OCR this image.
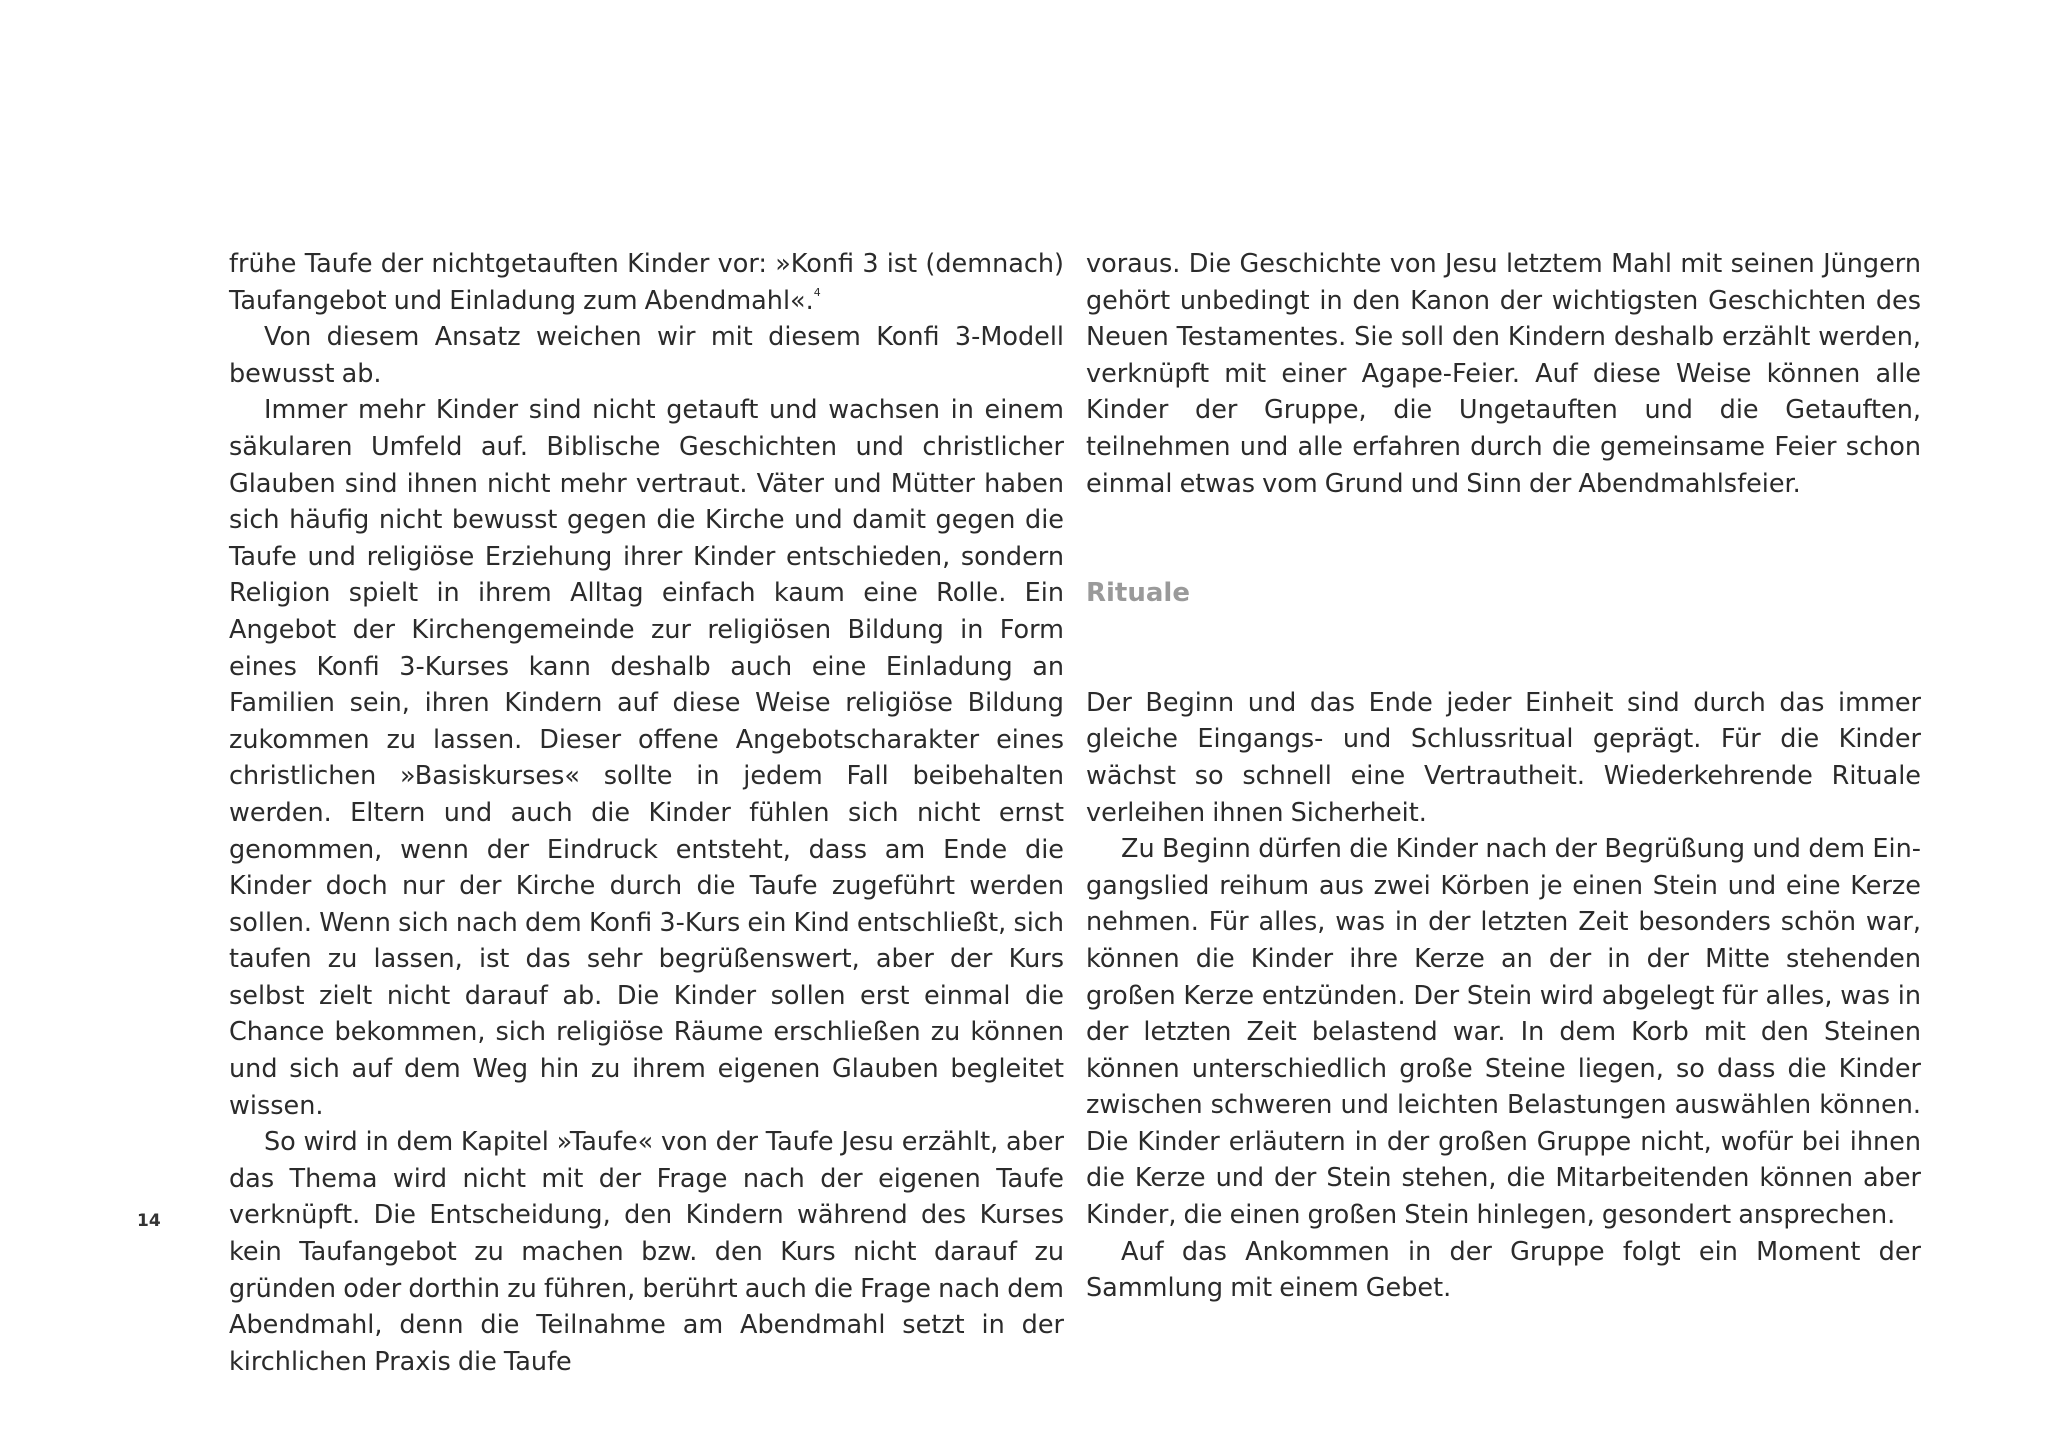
frühe Taufe der nichtgetauften Kinder vor: »Konfi 3 ist (demnach) Taufangebot und Einladung zum Abendmahl«.$^4$

Von diesem Ansatz weichen wir mit diesem Konfi 3-Modell bewusst ab.

Immer mehr Kinder sind nicht getauft und wachsen in einem säkularen Umfeld auf. Biblische Geschichten und christlicher Glauben sind ihnen nicht mehr vertraut. Väter und Mütter haben sich häufig nicht bewusst gegen die Kirche und damit gegen die Taufe und religiöse Erziehung ihrer Kinder entschieden, sondern Religion spielt in ihrem Alltag einfach kaum eine Rolle. Ein Angebot der Kirchengemeinde zur religiösen Bildung in Form eines Konfi 3-Kurses kann deshalb auch eine Einladung an Familien sein, ihren Kindern auf diese Weise religiöse Bildung zukommen zu lassen. Dieser offene Angebotscharakter eines christlichen »Basiskurses« sollte in jedem Fall beibehalten werden. Eltern und auch die Kinder fühlen sich nicht ernst genommen, wenn der Eindruck entsteht, dass am Ende die Kinder doch nur der Kirche durch die Taufe zugeführt werden sollen. Wenn sich nach dem Konfi 3-Kurs ein Kind entschließt, sich taufen zu lassen, ist das sehr begrüßenswert, aber der Kurs selbst zielt nicht darauf ab. Die Kinder sollen erst einmal die Chance bekommen, sich religiöse Räume erschließen zu können und sich auf dem Weg hin zu ihrem eigenen Glauben begleitet wissen.

So wird in dem Kapitel »Taufe« von der Taufe Jesu erzählt, aber das Thema wird nicht mit der Frage nach der eigenen Taufe verknüpft. Die Entscheidung, den Kindern während des Kurses kein Taufangebot zu machen bzw. den Kurs nicht darauf zu gründen oder dorthin zu führen, berührt auch die Frage nach dem Abendmahl, denn die Teilnahme am Abendmahl setzt in der kirchlichen Praxis die Taufe

voraus. Die Geschichte von Jesu letztem Mahl mit seinen Jüngern gehört unbedingt in den Kanon der wichtigsten Geschichten des Neuen Testamentes. Sie soll den Kindern deshalb erzählt werden, verknüpft mit einer Agape-Feier. Auf diese Weise können alle Kinder der Gruppe, die Ungetauften und die Getauften, teilnehmen und alle erfahren durch die gemeinsame Feier schon einmal etwas vom Grund und Sinn der Abendmahlsfeier.

Rituale

Der Beginn und das Ende jeder Einheit sind durch das immer gleiche Eingangs- und Schlussritual geprägt. Für die Kinder wächst so schnell eine Vertrautheit. Wiederkehrende Rituale verleihen ihnen Sicherheit.

Zu Beginn dürfen die Kinder nach der Begrüßung und dem Eingangslied reihum aus zwei Körben je einen Stein und eine Kerze nehmen. Für alles, was in der letzten Zeit besonders schön war, können die Kinder ihre Kerze an der in der Mitte stehenden großen Kerze entzünden. Der Stein wird abgelegt für alles, was in der letzten Zeit belastend war. In dem Korb mit den Steinen können unterschiedlich große Steine liegen, so dass die Kinder zwischen schweren und leichten Belastungen auswählen können. Die Kinder erläutern in der großen Gruppe nicht, wofür bei ihnen die Kerze und der Stein stehen, die Mitarbeitenden können aber Kinder, die einen großen Stein hinlegen, gesondert ansprechen.

Auf das Ankommen in der Gruppe folgt ein Moment der Sammlung mit einem Gebet.

14
